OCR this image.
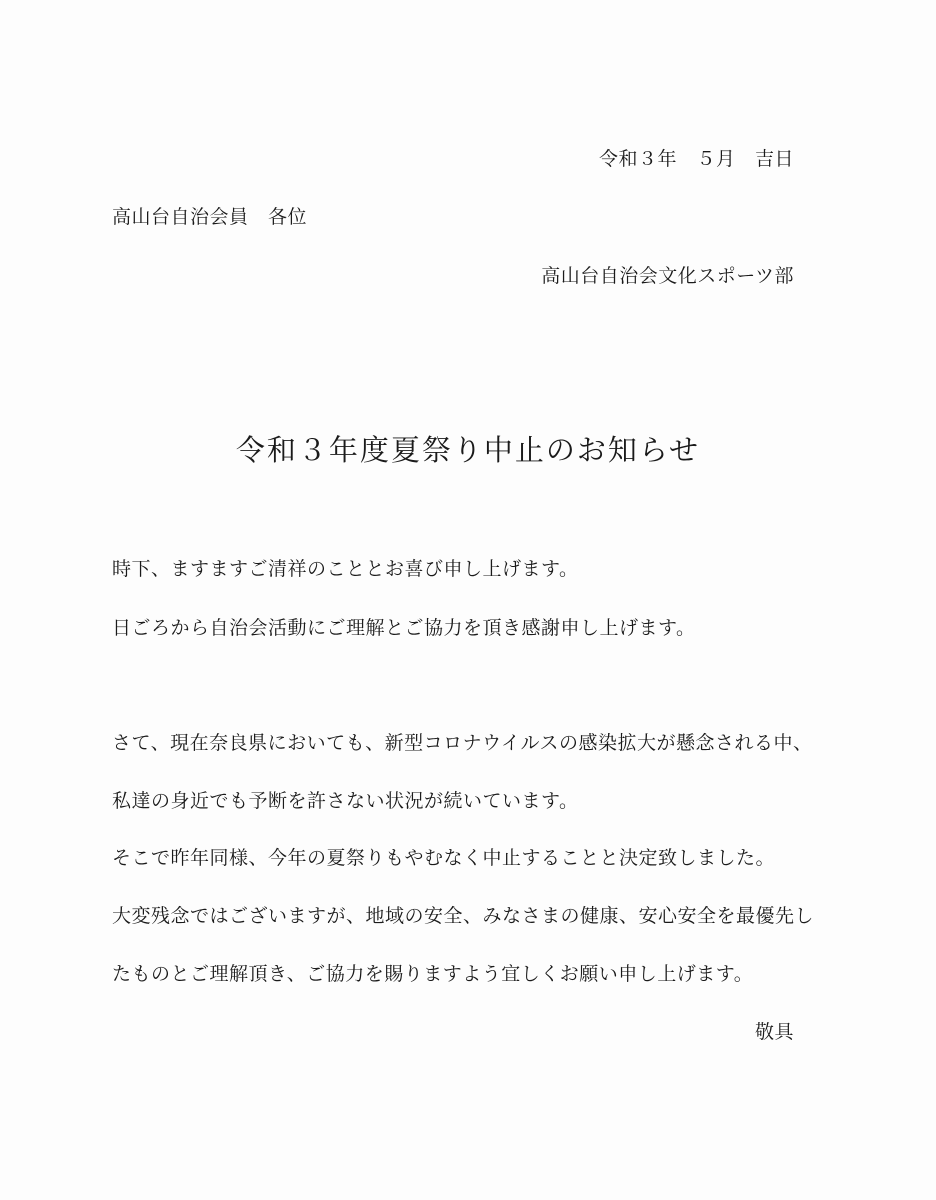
令和３年　５月　吉日
高山台自治会員　各位
高山台自治会文化スポーツ部
令和３年度夏祭り中止のお知らせ
時下、ますますご清祥のこととお喜び申し上げます。
日ごろから自治会活動にご理解とご協力を頂き感謝申し上げます。
さて、現在奈良県においても、新型コロナウイルスの感染拡大が懸念される中、
私達の身近でも予断を許さない状況が続いています。
そこで昨年同様、今年の夏祭りもやむなく中止することと決定致しました。
大変残念ではございますが、地域の安全、みなさまの健康、安心安全を最優先し
たものとご理解頂き、ご協力を賜りますよう宜しくお願い申し上げます。
敬具
